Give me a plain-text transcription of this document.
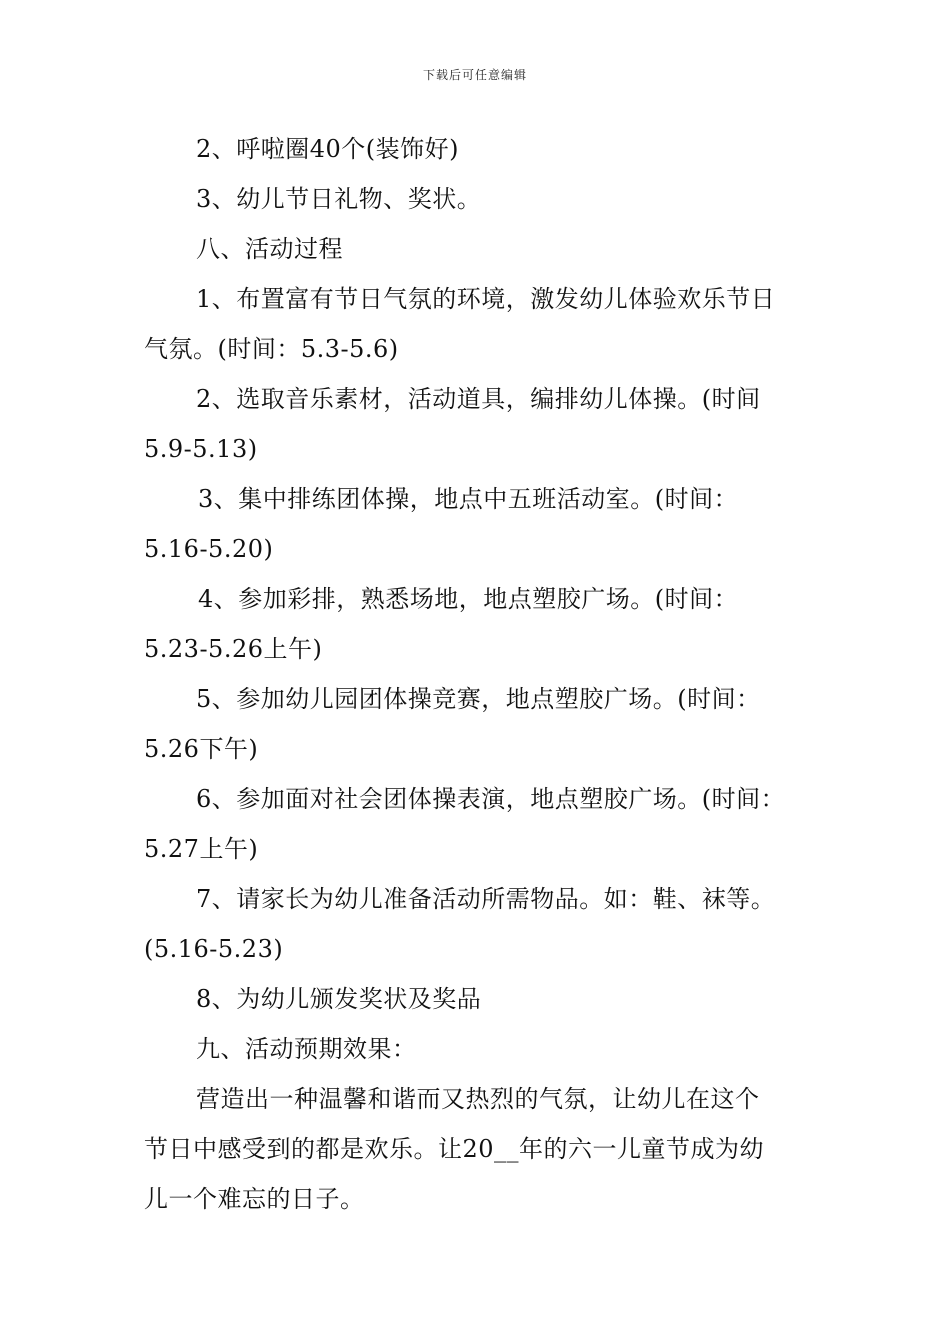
下载后可任意编辑
2、呼啦圈40个(装饰好)
3、幼儿节日礼物、奖状。
八、活动过程
1、布置富有节日气氛的环境，激发幼儿体验欢乐节日
气氛。(时间：5.3-5.6)
2、选取音乐素材，活动道具，编排幼儿体操。(时间
5.9-5.13)
3、集中排练团体操，地点中五班活动室。(时间：
5.16-5.20)
4、参加彩排，熟悉场地，地点塑胶广场。(时间：
5.23-5.26上午)
5、参加幼儿园团体操竞赛，地点塑胶广场。(时间：
5.26下午)
6、参加面对社会团体操表演，地点塑胶广场。(时间：
5.27上午)
7、请家长为幼儿准备活动所需物品。如：鞋、袜等。
(5.16-5.23)
8、为幼儿颁发奖状及奖品
九、活动预期效果：
营造出一种温馨和谐而又热烈的气氛，让幼儿在这个
节日中感受到的都是欢乐。让20__年的六一儿童节成为幼
儿一个难忘的日子。
